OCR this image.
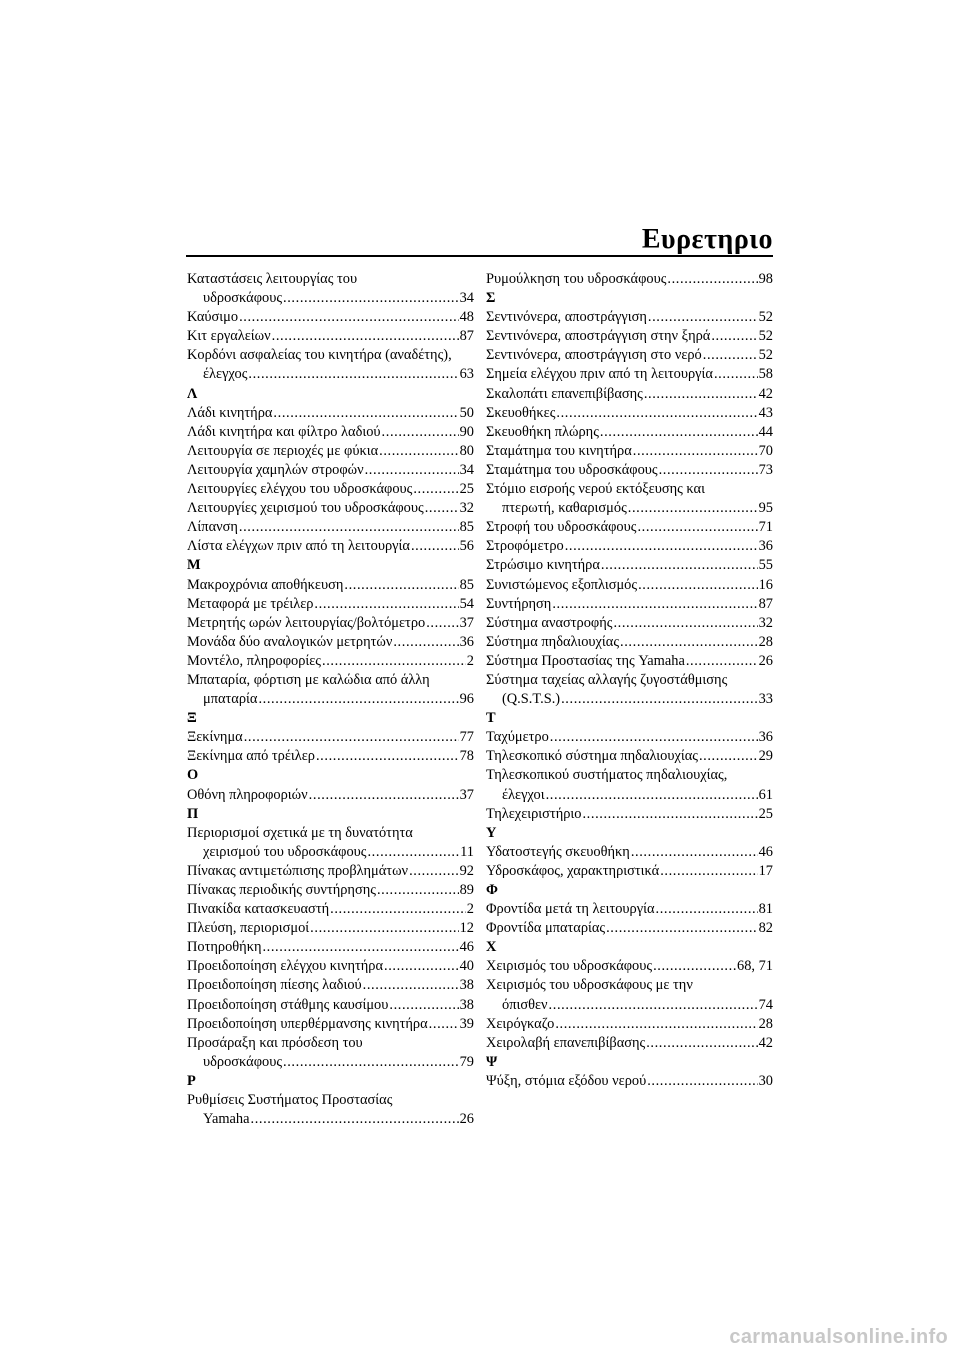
Ευρετηριο
Καταστάσεις λειτουργίας του
υδροσκάφους .....	34
Καύσιμο .....	48
Κιτ εργαλείων .....	87
Κορδόνι ασφαλείας του κινητήρα (αναδέτης),
έλεγχος .....	63
Λ
Λάδι κινητήρα .....	50
Λάδι κινητήρα και φίλτρο λαδιού .....	90
Λειτουργία σε περιοχές με φύκια .....	80
Λειτουργία χαμηλών στροφών .....	34
Λειτουργίες ελέγχου του υδροσκάφους .....	25
Λειτουργίες χειρισμού του υδροσκάφους ..... 32
Λίπανση .....	85
Λίστα ελέγχων πριν από τη λειτουργία .....	56
Μ
Μακροχρόνια αποθήκευση .....	85
Μεταφορά με τρέιλερ .....	54
Μετρητής ωρών λειτουργίας/βολτόμετρο ..... 37
Μονάδα δύο αναλογικών μετρητών .....	36
Μοντέλο, πληροφορίες .....	2
Μπαταρία, φόρτιση με καλώδια από άλλη
μπαταρία .....	96
Ξ
Ξεκίνημα .....	77
Ξεκίνημα από τρέιλερ .....	78
Ο
Οθόνη πληροφοριών .....	37
Π
Περιορισμοί σχετικά με τη δυνατότητα
χειρισμού του υδροσκάφους .....	11
Πίνακας αντιμετώπισης προβλημάτων .....	92
Πίνακας περιοδικής συντήρησης .....	89
Πινακίδα κατασκευαστή .....	2
Πλεύση, περιορισμοί .....	12
Ποτηροθήκη .....	46
Προειδοποίηση ελέγχου κινητήρα .....	40
Προειδοποίηση πίεσης λαδιού .....	38
Προειδοποίηση στάθμης καυσίμου .....	38
Προειδοποίηση υπερθέρμανσης κινητήρα ..... 39
Προσάραξη και πρόσδεση του
υδροσκάφους .....	79
Ρ
Ρυθμίσεις Συστήματος Προστασίας
Yamaha .....	26
Ρυμούλκηση του υδροσκάφους .....	98
Σ
Σεντινόνερα, αποστράγγιση .....	52
Σεντινόνερα, αποστράγγιση στην ξηρά .....	52
Σεντινόνερα, αποστράγγιση στο νερό .....	52
Σημεία ελέγχου πριν από τη λειτουργία .....	58
Σκαλοπάτι επανεπιβίβασης .....	42
Σκευοθήκες .....	43
Σκευοθήκη πλώρης .....	44
Σταμάτημα του κινητήρα .....	70
Σταμάτημα του υδροσκάφους .....	73
Στόμιο εισροής νερού εκτόξευσης και
πτερωτή, καθαρισμός .....	95
Στροφή του υδροσκάφους .....	71
Στροφόμετρο .....	36
Στρώσιμο κινητήρα .....	55
Συνιστώμενος εξοπλισμός .....	16
Συντήρηση .....	87
Σύστημα αναστροφής .....	32
Σύστημα πηδαλιουχίας .....	28
Σύστημα Προστασίας της Yamaha .....	26
Σύστημα ταχείας αλλαγής ζυγοστάθμισης
(Q.S.T.S.) .....	33
Τ
Ταχύμετρο .....	36
Τηλεσκοπικό σύστημα πηδαλιουχίας .....	29
Τηλεσκοπικού συστήματος πηδαλιουχίας,
έλεγχοι .....	61
Τηλεχειριστήριο .....	25
Υ
Υδατοστεγής σκευοθήκη .....	46
Υδροσκάφος, χαρακτηριστικά .....	17
Φ
Φροντίδα μετά τη λειτουργία .....	81
Φροντίδα μπαταρίας .....	82
Χ
Χειρισμός του υδροσκάφους .....	68, 71
Χειρισμός του υδροσκάφους με την
όπισθεν .....	74
Χειρόγκαζο .....	28
Χειρολαβή επανεπιβίβασης .....	42
Ψ
Ψύξη, στόμια εξόδου νερού .....	30
carmanualsonline.info
